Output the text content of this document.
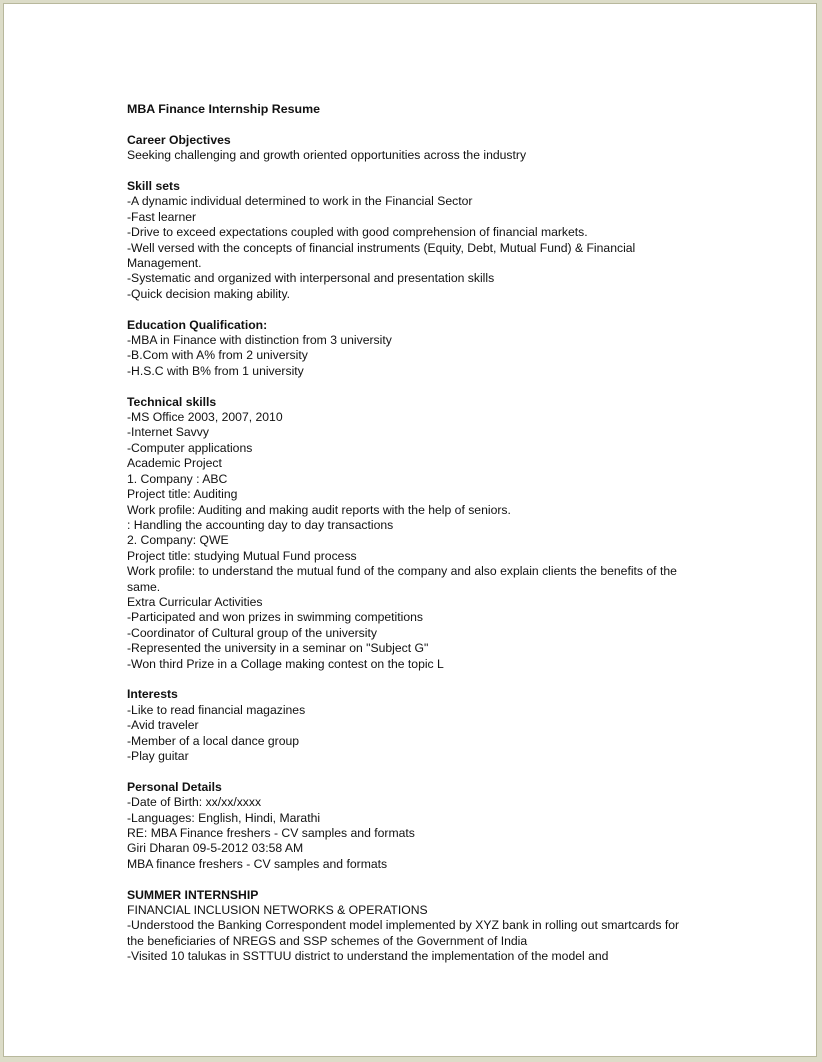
MBA Finance Internship Resume
Career Objectives
Seeking challenging and growth oriented opportunities across the industry
Skill sets
-A dynamic individual determined to work in the Financial Sector
-Fast learner
-Drive to exceed expectations coupled with good comprehension of financial markets.
-Well versed with the concepts of financial instruments (Equity, Debt, Mutual Fund) & Financial Management.
-Systematic and organized with interpersonal and presentation skills
-Quick decision making ability.
Education Qualification:
-MBA in Finance with distinction from 3 university
-B.Com with A% from 2 university
-H.S.C with B% from 1 university
Technical skills
-MS Office 2003, 2007, 2010
-Internet Savvy
-Computer applications
Academic Project
1. Company : ABC
Project title: Auditing
Work profile: Auditing and making audit reports with the help of seniors.
: Handling the accounting day to day transactions
2. Company: QWE
Project title: studying Mutual Fund process
Work profile: to understand the mutual fund of the company and also explain clients the benefits of the same.
Extra Curricular Activities
-Participated and won prizes in swimming competitions
-Coordinator of Cultural group of the university
-Represented the university in a seminar on "Subject G"
-Won third Prize in a Collage making contest on the topic L
Interests
-Like to read financial magazines
-Avid traveler
-Member of a local dance group
-Play guitar
Personal Details
-Date of Birth: xx/xx/xxxx
-Languages: English, Hindi, Marathi
RE: MBA Finance freshers - CV samples and formats
Giri Dharan 09-5-2012 03:58 AM
MBA finance freshers - CV samples and formats
SUMMER INTERNSHIP
FINANCIAL INCLUSION NETWORKS & OPERATIONS
-Understood the Banking Correspondent model implemented by XYZ bank in rolling out smartcards for the beneficiaries of NREGS and SSP schemes of the Government of India
-Visited 10 talukas in SSTTUU district to understand the implementation of the model and
